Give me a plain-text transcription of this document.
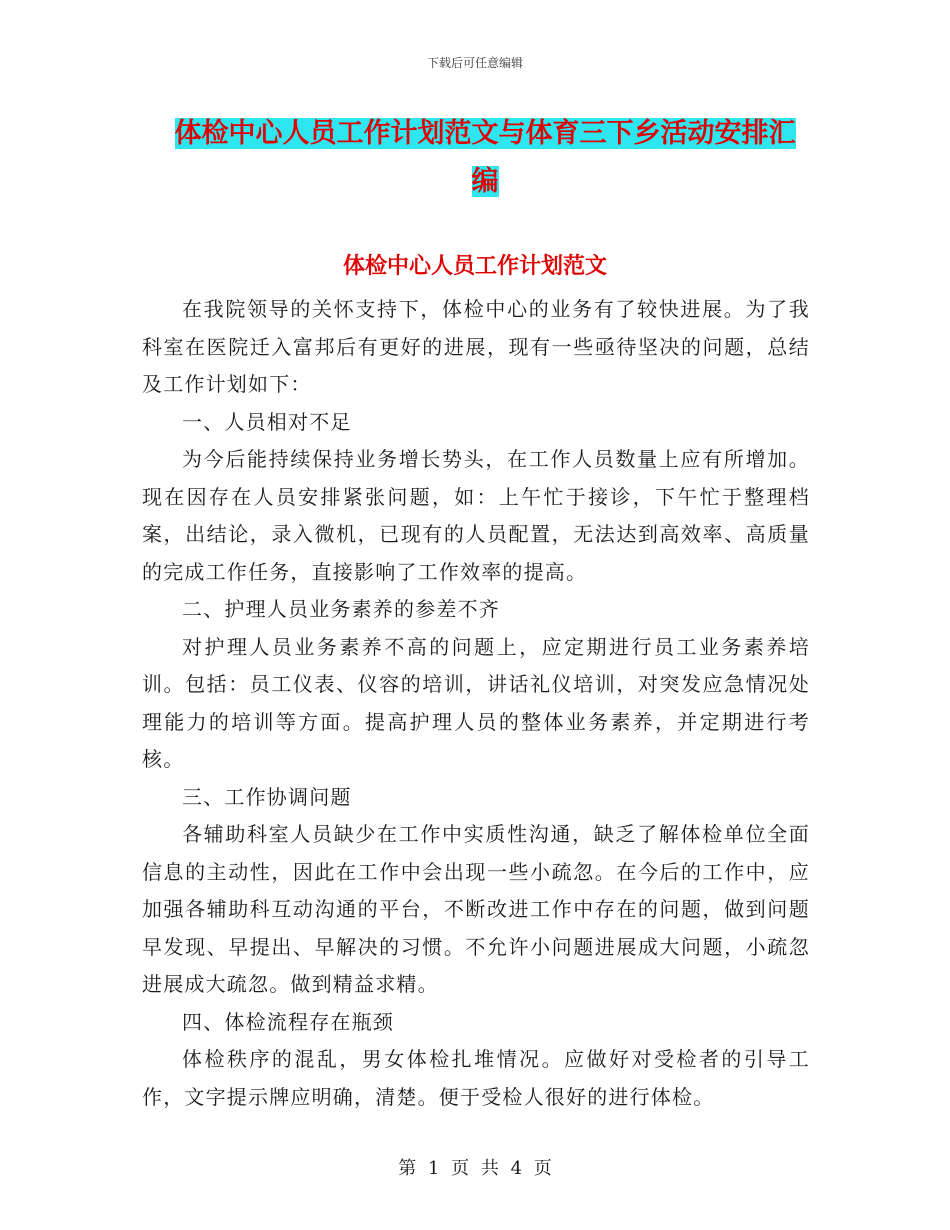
下载后可任意编辑
体检中心人员工作计划范文与体育三下乡活动安排汇
编
体检中心人员工作计划范文

在我院领导的关怀支持下，体检中心的业务有了较快进展。为了我科室在医院迁入富邦后有更好的进展，现有一些亟待坚决的问题，总结及工作计划如下：

一、人员相对不足

为今后能持续保持业务增长势头，在工作人员数量上应有所增加。现在因存在人员安排紧张问题，如：上午忙于接诊，下午忙于整理档案，出结论，录入微机，已现有的人员配置，无法达到高效率、高质量的完成工作任务，直接影响了工作效率的提高。

二、护理人员业务素养的参差不齐

对护理人员业务素养不高的问题上，应定期进行员工业务素养培训。包括：员工仪表、仪容的培训，讲话礼仪培训，对突发应急情况处理能力的培训等方面。提高护理人员的整体业务素养，并定期进行考核。

三、工作协调问题

各辅助科室人员缺少在工作中实质性沟通，缺乏了解体检单位全面信息的主动性，因此在工作中会出现一些小疏忽。在今后的工作中，应加强各辅助科互动沟通的平台，不断改进工作中存在的问题，做到问题早发现、早提出、早解决的习惯。不允许小问题进展成大问题，小疏忽进展成大疏忽。做到精益求精。

四、体检流程存在瓶颈

体检秩序的混乱，男女体检扎堆情况。应做好对受检者的引导工作，文字提示牌应明确，清楚。便于受检人很好的进行体检。

第 1 页 共 4 页
